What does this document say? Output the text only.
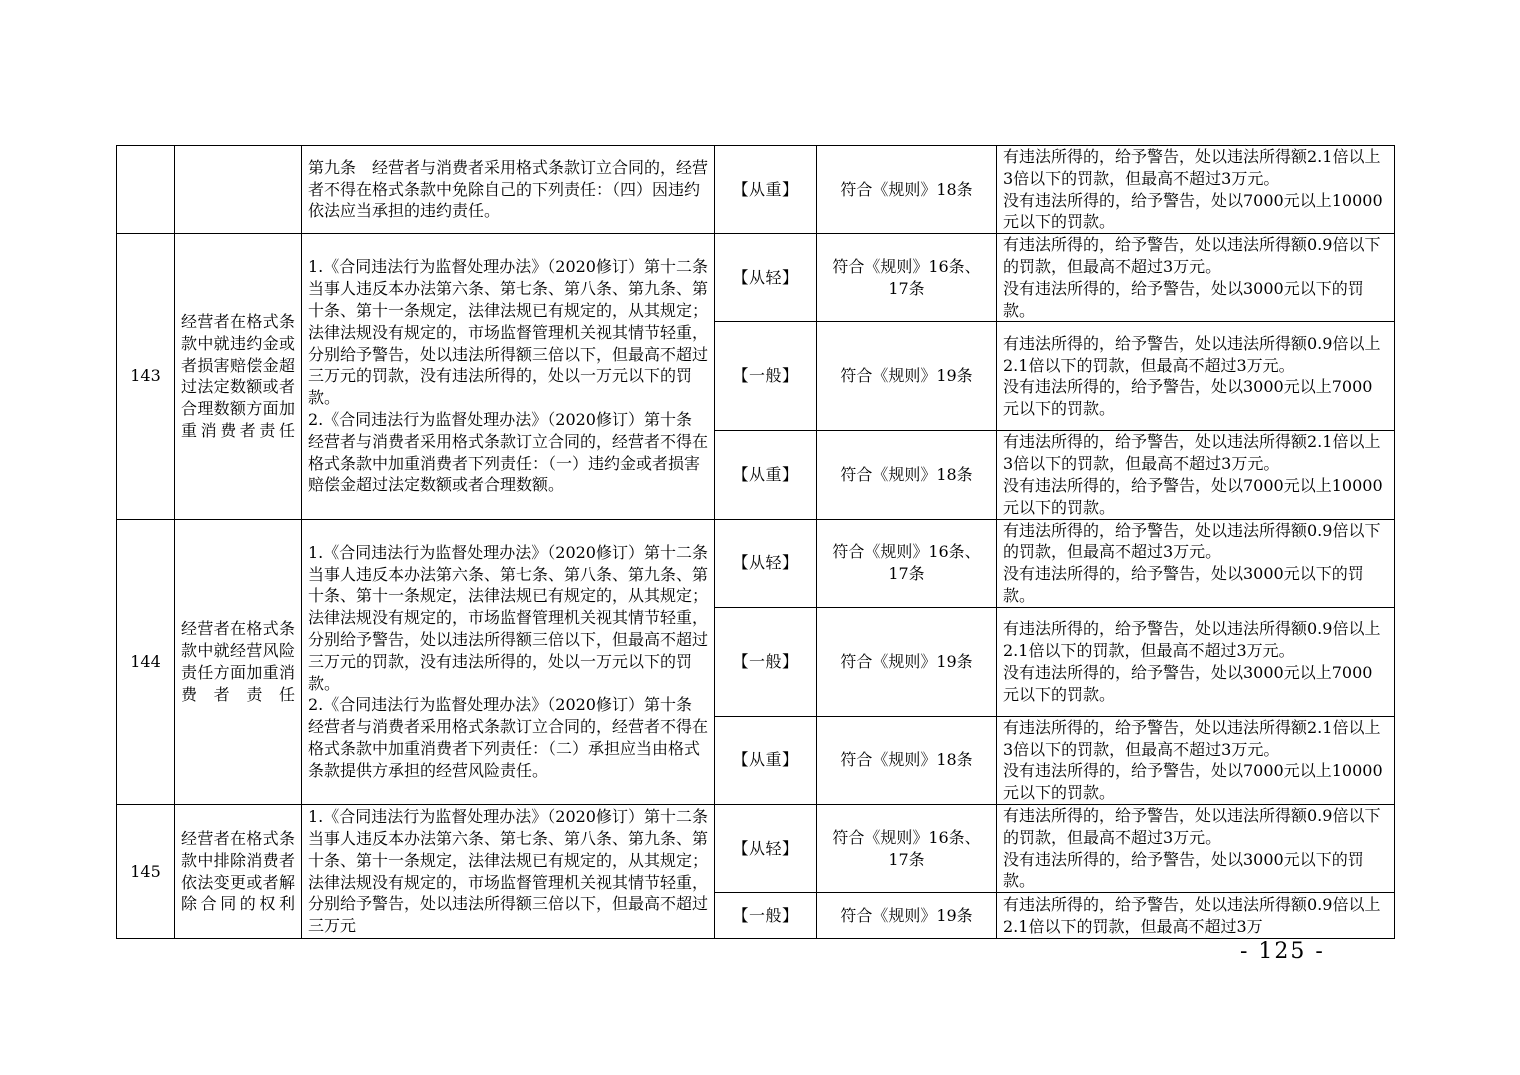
		第九条　经营者与消费者采用格式条款订立合同的，经营者不得在格式条款中免除自己的下列责任：（四）因违约依法应当承担的违约责任。	【从重】	符合《规则》18条	有违法所得的，给予警告，处以违法所得额2.1倍以上3倍以下的罚款，但最高不超过3万元。
没有违法所得的，给予警告，处以7000元以上10000元以下的罚款。
143	经营者在格式条款中就违约金或者损害赔偿金超过法定数额或者合理数额方面加重消费者责任	1.《合同违法行为监督处理办法》（2020修订）第十二条　当事人违反本办法第六条、第七条、第八条、第九条、第十条、第十一条规定，法律法规已有规定的，从其规定；法律法规没有规定的，市场监督管理机关视其情节轻重，分别给予警告，处以违法所得额三倍以下，但最高不超过三万元的罚款，没有违法所得的，处以一万元以下的罚款。
2.《合同违法行为监督处理办法》（2020修订）第十条　经营者与消费者采用格式条款订立合同的，经营者不得在格式条款中加重消费者下列责任：（一）违约金或者损害赔偿金超过法定数额或者合理数额。	【从轻】	符合《规则》16条、17条	有违法所得的，给予警告，处以违法所得额0.9倍以下的罚款，但最高不超过3万元。
没有违法所得的，给予警告，处以3000元以下的罚款。
			【一般】	符合《规则》19条	有违法所得的，给予警告，处以违法所得额0.9倍以上2.1倍以下的罚款，但最高不超过3万元。
没有违法所得的，给予警告，处以3000元以上7000元以下的罚款。
			【从重】	符合《规则》18条	有违法所得的，给予警告，处以违法所得额2.1倍以上3倍以下的罚款，但最高不超过3万元。
没有违法所得的，给予警告，处以7000元以上10000元以下的罚款。
144	经营者在格式条款中就经营风险责任方面加重消费者责任	1.《合同违法行为监督处理办法》（2020修订）第十二条　当事人违反本办法第六条、第七条、第八条、第九条、第十条、第十一条规定，法律法规已有规定的，从其规定；法律法规没有规定的，市场监督管理机关视其情节轻重，分别给予警告，处以违法所得额三倍以下，但最高不超过三万元的罚款，没有违法所得的，处以一万元以下的罚款。
2.《合同违法行为监督处理办法》（2020修订）第十条　经营者与消费者采用格式条款订立合同的，经营者不得在格式条款中加重消费者下列责任：（二）承担应当由格式条款提供方承担的经营风险责任。	【从轻】	符合《规则》16条、17条	有违法所得的，给予警告，处以违法所得额0.9倍以下的罚款，但最高不超过3万元。
没有违法所得的，给予警告，处以3000元以下的罚款。
			【一般】	符合《规则》19条	有违法所得的，给予警告，处以违法所得额0.9倍以上2.1倍以下的罚款，但最高不超过3万元。
没有违法所得的，给予警告，处以3000元以上7000元以下的罚款。
			【从重】	符合《规则》18条	有违法所得的，给予警告，处以违法所得额2.1倍以上3倍以下的罚款，但最高不超过3万元。
没有违法所得的，给予警告，处以7000元以上10000元以下的罚款。
145	经营者在格式条款中排除消费者依法变更或者解除合同的权利	1.《合同违法行为监督处理办法》（2020修订）第十二条　当事人违反本办法第六条、第七条、第八条、第九条、第十条、第十一条规定，法律法规已有规定的，从其规定；法律法规没有规定的，市场监督管理机关视其情节轻重，分别给予警告，处以违法所得额三倍以下，但最高不超过三万元	【从轻】	符合《规则》16条、17条	有违法所得的，给予警告，处以违法所得额0.9倍以下的罚款，但最高不超过3万元。
没有违法所得的，给予警告，处以3000元以下的罚款。
			【一般】	符合《规则》19条	有违法所得的，给予警告，处以违法所得额0.9倍以上2.1倍以下的罚款，但最高不超过3万
- 125 -
